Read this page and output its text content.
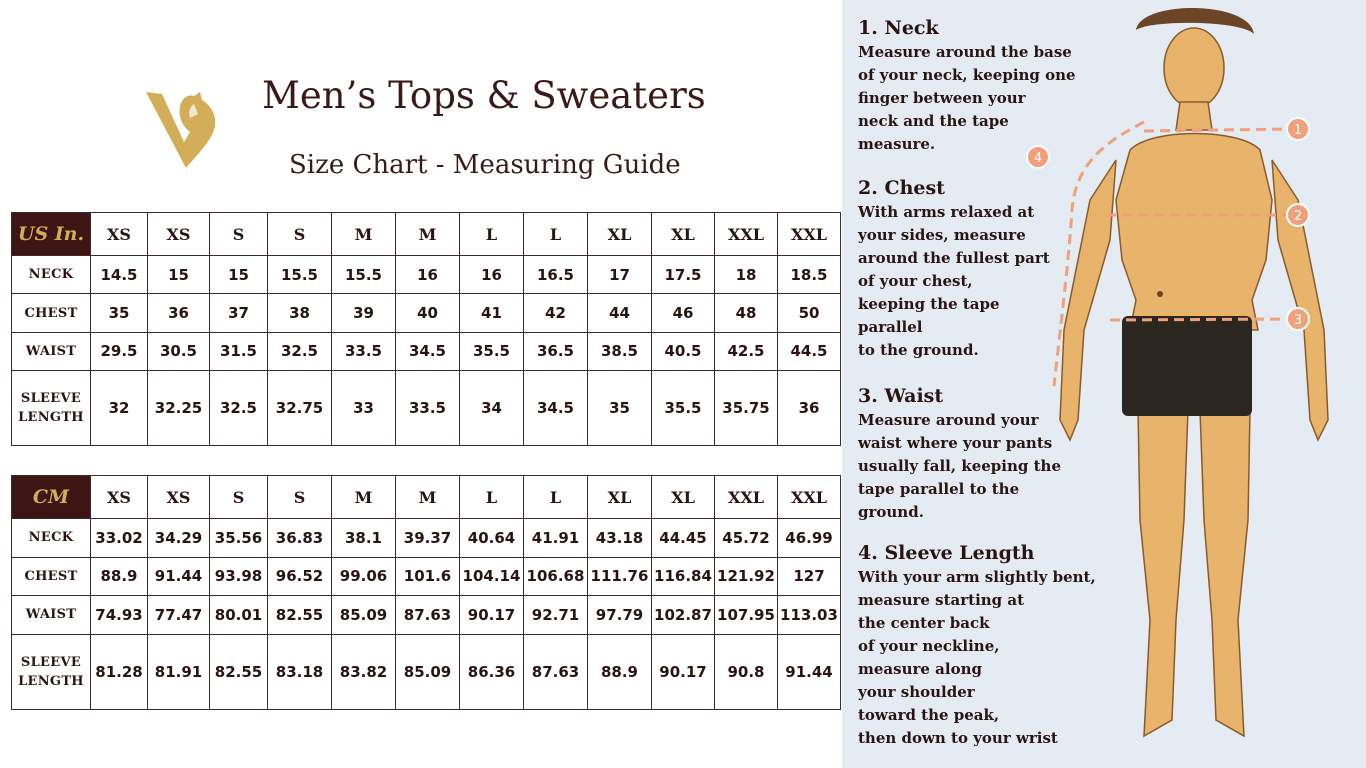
Men’s Tops & Sweaters
Size Chart - Measuring Guide
US In.	XS	XS	S	S	M	M	L	L	XL	XL	XXL	XXL
NECK	14.5	15	15	15.5	15.5	16	16	16.5	17	17.5	18	18.5
CHEST	35	36	37	38	39	40	41	42	44	46	48	50
WAIST	29.5	30.5	31.5	32.5	33.5	34.5	35.5	36.5	38.5	40.5	42.5	44.5
SLEEVE
LENGTH	32	32.25	32.5	32.75	33	33.5	34	34.5	35	35.5	35.75	36
CM	XS	XS	S	S	M	M	L	L	XL	XL	XXL	XXL
NECK	33.02	34.29	35.56	36.83	38.1	39.37	40.64	41.91	43.18	44.45	45.72	46.99
CHEST	88.9	91.44	93.98	96.52	99.06	101.6	104.14	106.68	111.76	116.84	121.92	127
WAIST	74.93	77.47	80.01	82.55	85.09	87.63	90.17	92.71	97.79	102.87	107.95	113.03
SLEEVE
LENGTH	81.28	81.91	82.55	83.18	83.82	85.09	86.36	87.63	88.9	90.17	90.8	91.44
1
2
3
4

1. Neck

Measure around the base

of your neck, keeping one

finger between your

neck and the tape

measure.

2. Chest

With arms relaxed at

your sides, measure

around the fullest part

of your chest,

keeping the tape

parallel

to the ground.

3. Waist

Measure around your

waist where your pants

usually fall, keeping the

tape parallel to the

ground.

4. Sleeve Length

With your arm slightly bent,

measure starting at

the center back

of your neckline,

measure along

your shoulder

toward the peak,

then down to your wrist
